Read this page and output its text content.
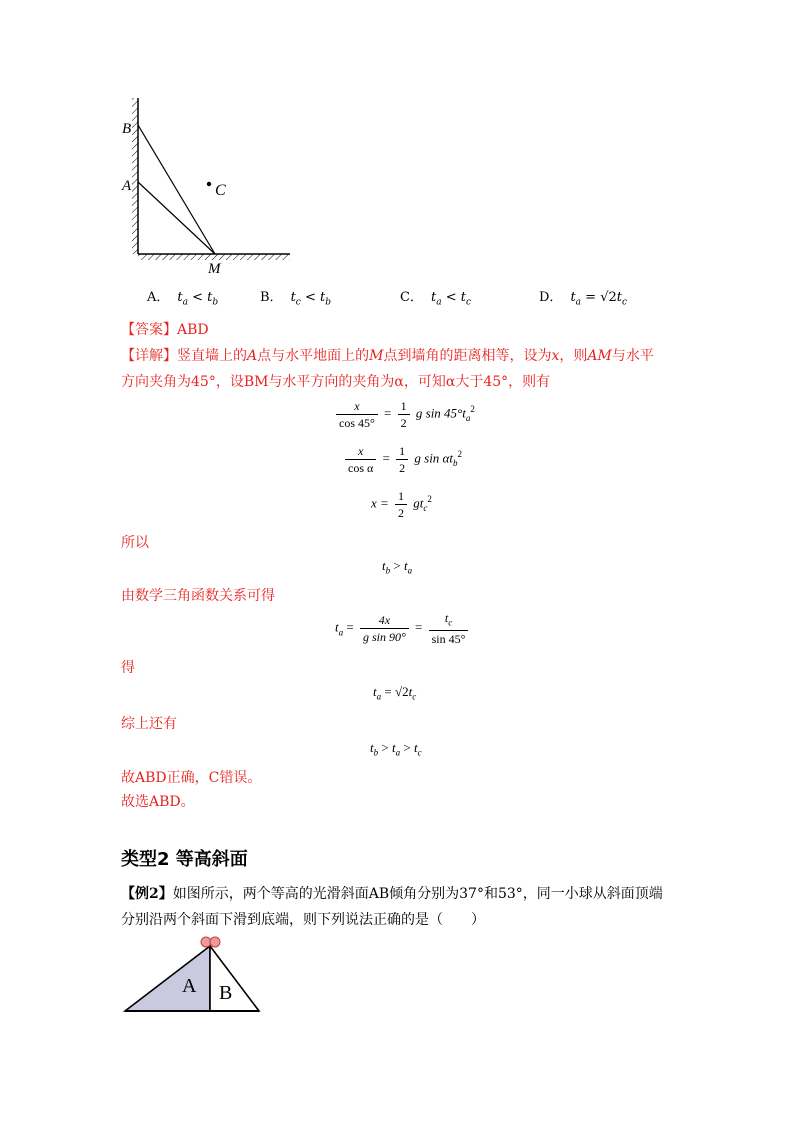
B
A	C
M
A． $t_a < t_b$	B． $t_c < t_b$	C． $t_a < t_c$	D． $t_a = √2t_c$
【答案】ABD
【详解】竖直墙上的A点与水平地面上的M点到墙角的距离相等，设为x，则AM与水平
方向夹角为45°，设BM与水平方向的夹角为α，可知α大于45°，则有
$\frac{x}{\cos 45^\circ} = \frac{1}{2}$ g $\sin 45^\circ t_a^2$
$\frac{x}{\text{cos α}} = \frac{1}{2}$ g $\sin \alpha t_b^2$
$x = \frac{1}{2} gt_c^2$
所以
$t_b > t_a$
由数学三角函数关系可得
$t_a = \frac{4x}{\text{g sin 90°}} = \frac{t_c}{\sin 45^\circ}$
得
$t_a = √2t_c$
综上还有
$t_b > t_a > t_c$
故ABD正确，C错误。
故选ABD。
类型2 等高斜面
【例2】如图所示，两个等高的光滑斜面AB倾角分别为37°和53°，同一小球从斜面顶端
分别沿两个斜面下滑到底端，则下列说法正确的是（　　）
A B
